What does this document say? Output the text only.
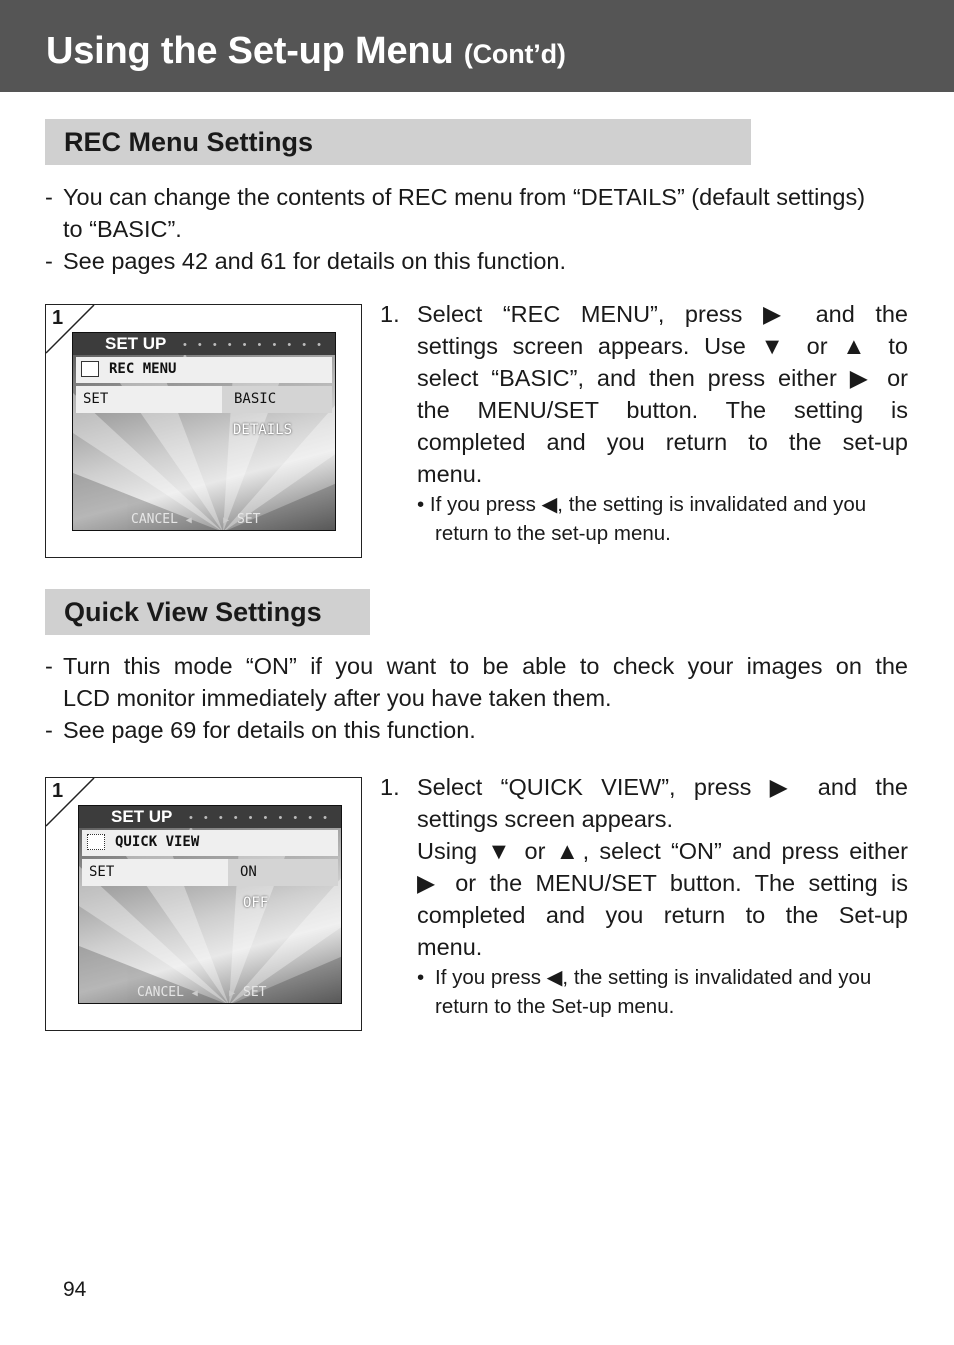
Using the Set-up Menu (Cont’d)
REC Menu Settings
- You can change the contents of REC menu from “DETAILS” (default settings)
to “BASIC”.
- See pages 42 and 61 for details on this function.
1
SET UP • • • • • • • • • •
REC MENU
SET	BASIC
DETAILS
CANCEL ◀	▶ SET
1. Select “REC MENU”, press ▶ and the
settings screen appears. Use ▼ or ▲ to
select “BASIC”, and then press either ▶ or
the MENU/SET button. The setting is
completed and you return to the set-up
menu.
• If you press ◀, the setting is invalidated and you
return to the set-up menu.
Quick View Settings
- Turn this mode “ON” if you want to be able to check your images on the
LCD monitor immediately after you have taken them.
- See page 69 for details on this function.
1
SET UP • • • • • • • • • •
QUICK VIEW
SET	ON
OFF
CANCEL ◀	▶ SET
1. Select “QUICK VIEW”, press ▶ and the
settings screen appears.
Using ▼ or ▲, select “ON” and press either
▶ or the MENU/SET button. The setting is
completed and you return to the Set-up
menu.
• If you press ◀, the setting is invalidated and you
return to the Set-up menu.
94
